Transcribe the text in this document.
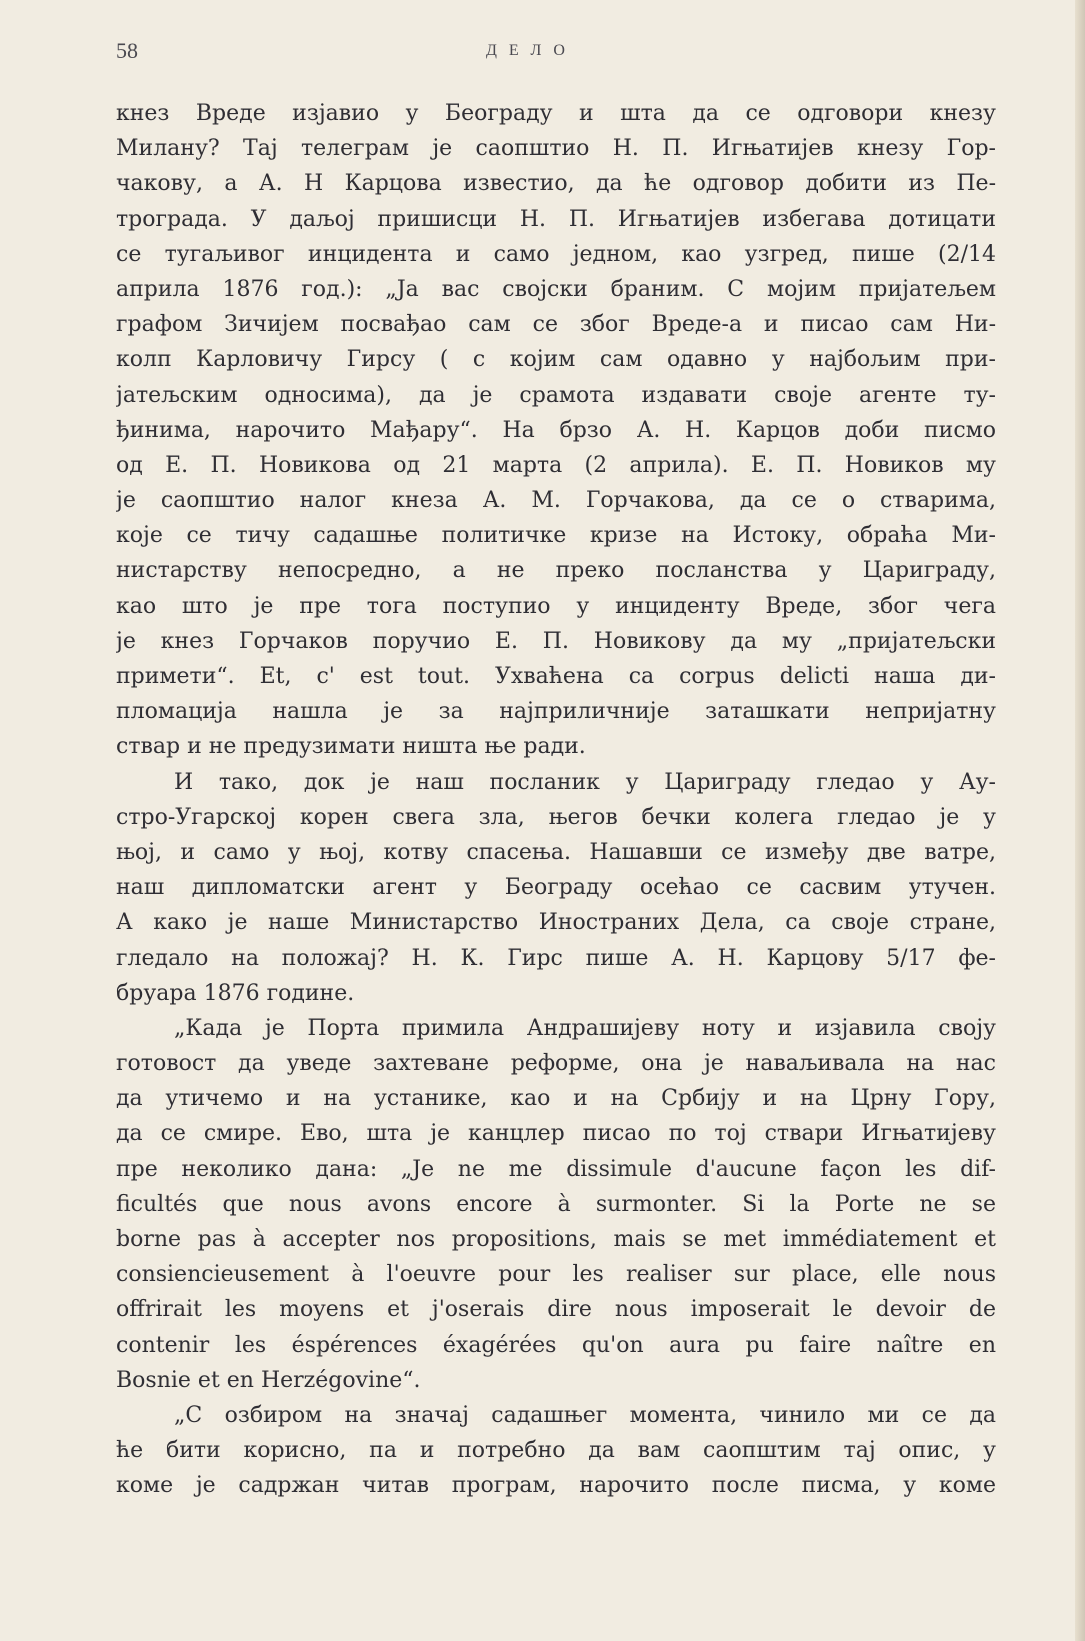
58	ДЕЛО
кнез Вреде изјавио у Београду и шта да се одговори кнезу
Милану? Тај телеграм је саопштио Н. П. Игњатијев кнезу Гор-
чакову, а А. Н Карцова известио, да ће одговор добити из Пе-
трограда. У даљој пришисци Н. П. Игњатијев избегава дотицати
се тугаљивог инцидента и само једном, као узгред, пише (2/14
априла 1876 год.): „Ја вас својски браним. С мојим пријатељем
графом Зичијем посвађао сам се због Вреде-а и писао сам Ни-
колп Карловичу Гирсу ( с којим сам одавно у најбољим при-
јатељским односима), да је срамота издавати своје агенте ту-
ђинима, нарочито Мађару“. На брзо А. Н. Карцов доби писмо
од Е. П. Новикова од 21 марта (2 априла). Е. П. Новиков му
је саопштио налог кнеза А. М. Горчакова, да се о стварима,
које се тичу садашње политичке кризе на Истоку, обраћа Ми-
нистарству непосредно, а не преко посланства у Цариграду,
као што је пре тога поступио у инциденту Вреде, због чега
је кнез Горчаков поручио Е. П. Новикову да му „пријатељски
примети“. Et, c' est tout. Ухваћена са corpus delicti наша ди-
пломација нашла је за најприличније заташкати непријатну
ствар и не предузимати ништа ње ради.
И тако, док је наш посланик у Цариграду гледао у Ау-
стро-Угарској корен свега зла, његов бечки колега гледао је у
њој, и само у њој, котву спасења. Нашавши се између две ватре,
наш дипломатски агент у Београду осећао се сасвим утучен.
А како је наше Министарство Иностраних Дела, са своје стране,
гледало на положај? Н. К. Гирс пише А. Н. Карцову 5/17 фе-
бруара 1876 године.
„Када је Порта примила Андрашијеву ноту и изјавила своју
готовост да уведе захтеване реформе, она је наваљивала на нас
да утичемо и на устанике, као и на Србију и на Црну Гору,
да се смире. Ево, шта је канцлер писао по тој ствари Игњатијеву
пре неколико дана: „Je ne me dissimule d'aucune façon les dif-
ficultés que nous avons encore à surmonter. Si la Porte ne se
borne pas à accepter nos propositions, mais se met immédiatement et
consiencieusement à l'oeuvre pour les realiser sur place, elle nous
offrirait les moyens et j'oserais dire nous imposerait le devoir de
contenir les éspérences éxagérées qu'on aura pu faire naître en
Bosnie et en Herzégovine“.
„С озбиром на значај садашњег момента, чинило ми се да
ће бити корисно, па и потребно да вам саопштим тај опис, у
коме је садржан читав програм, нарочито после писма, у коме
